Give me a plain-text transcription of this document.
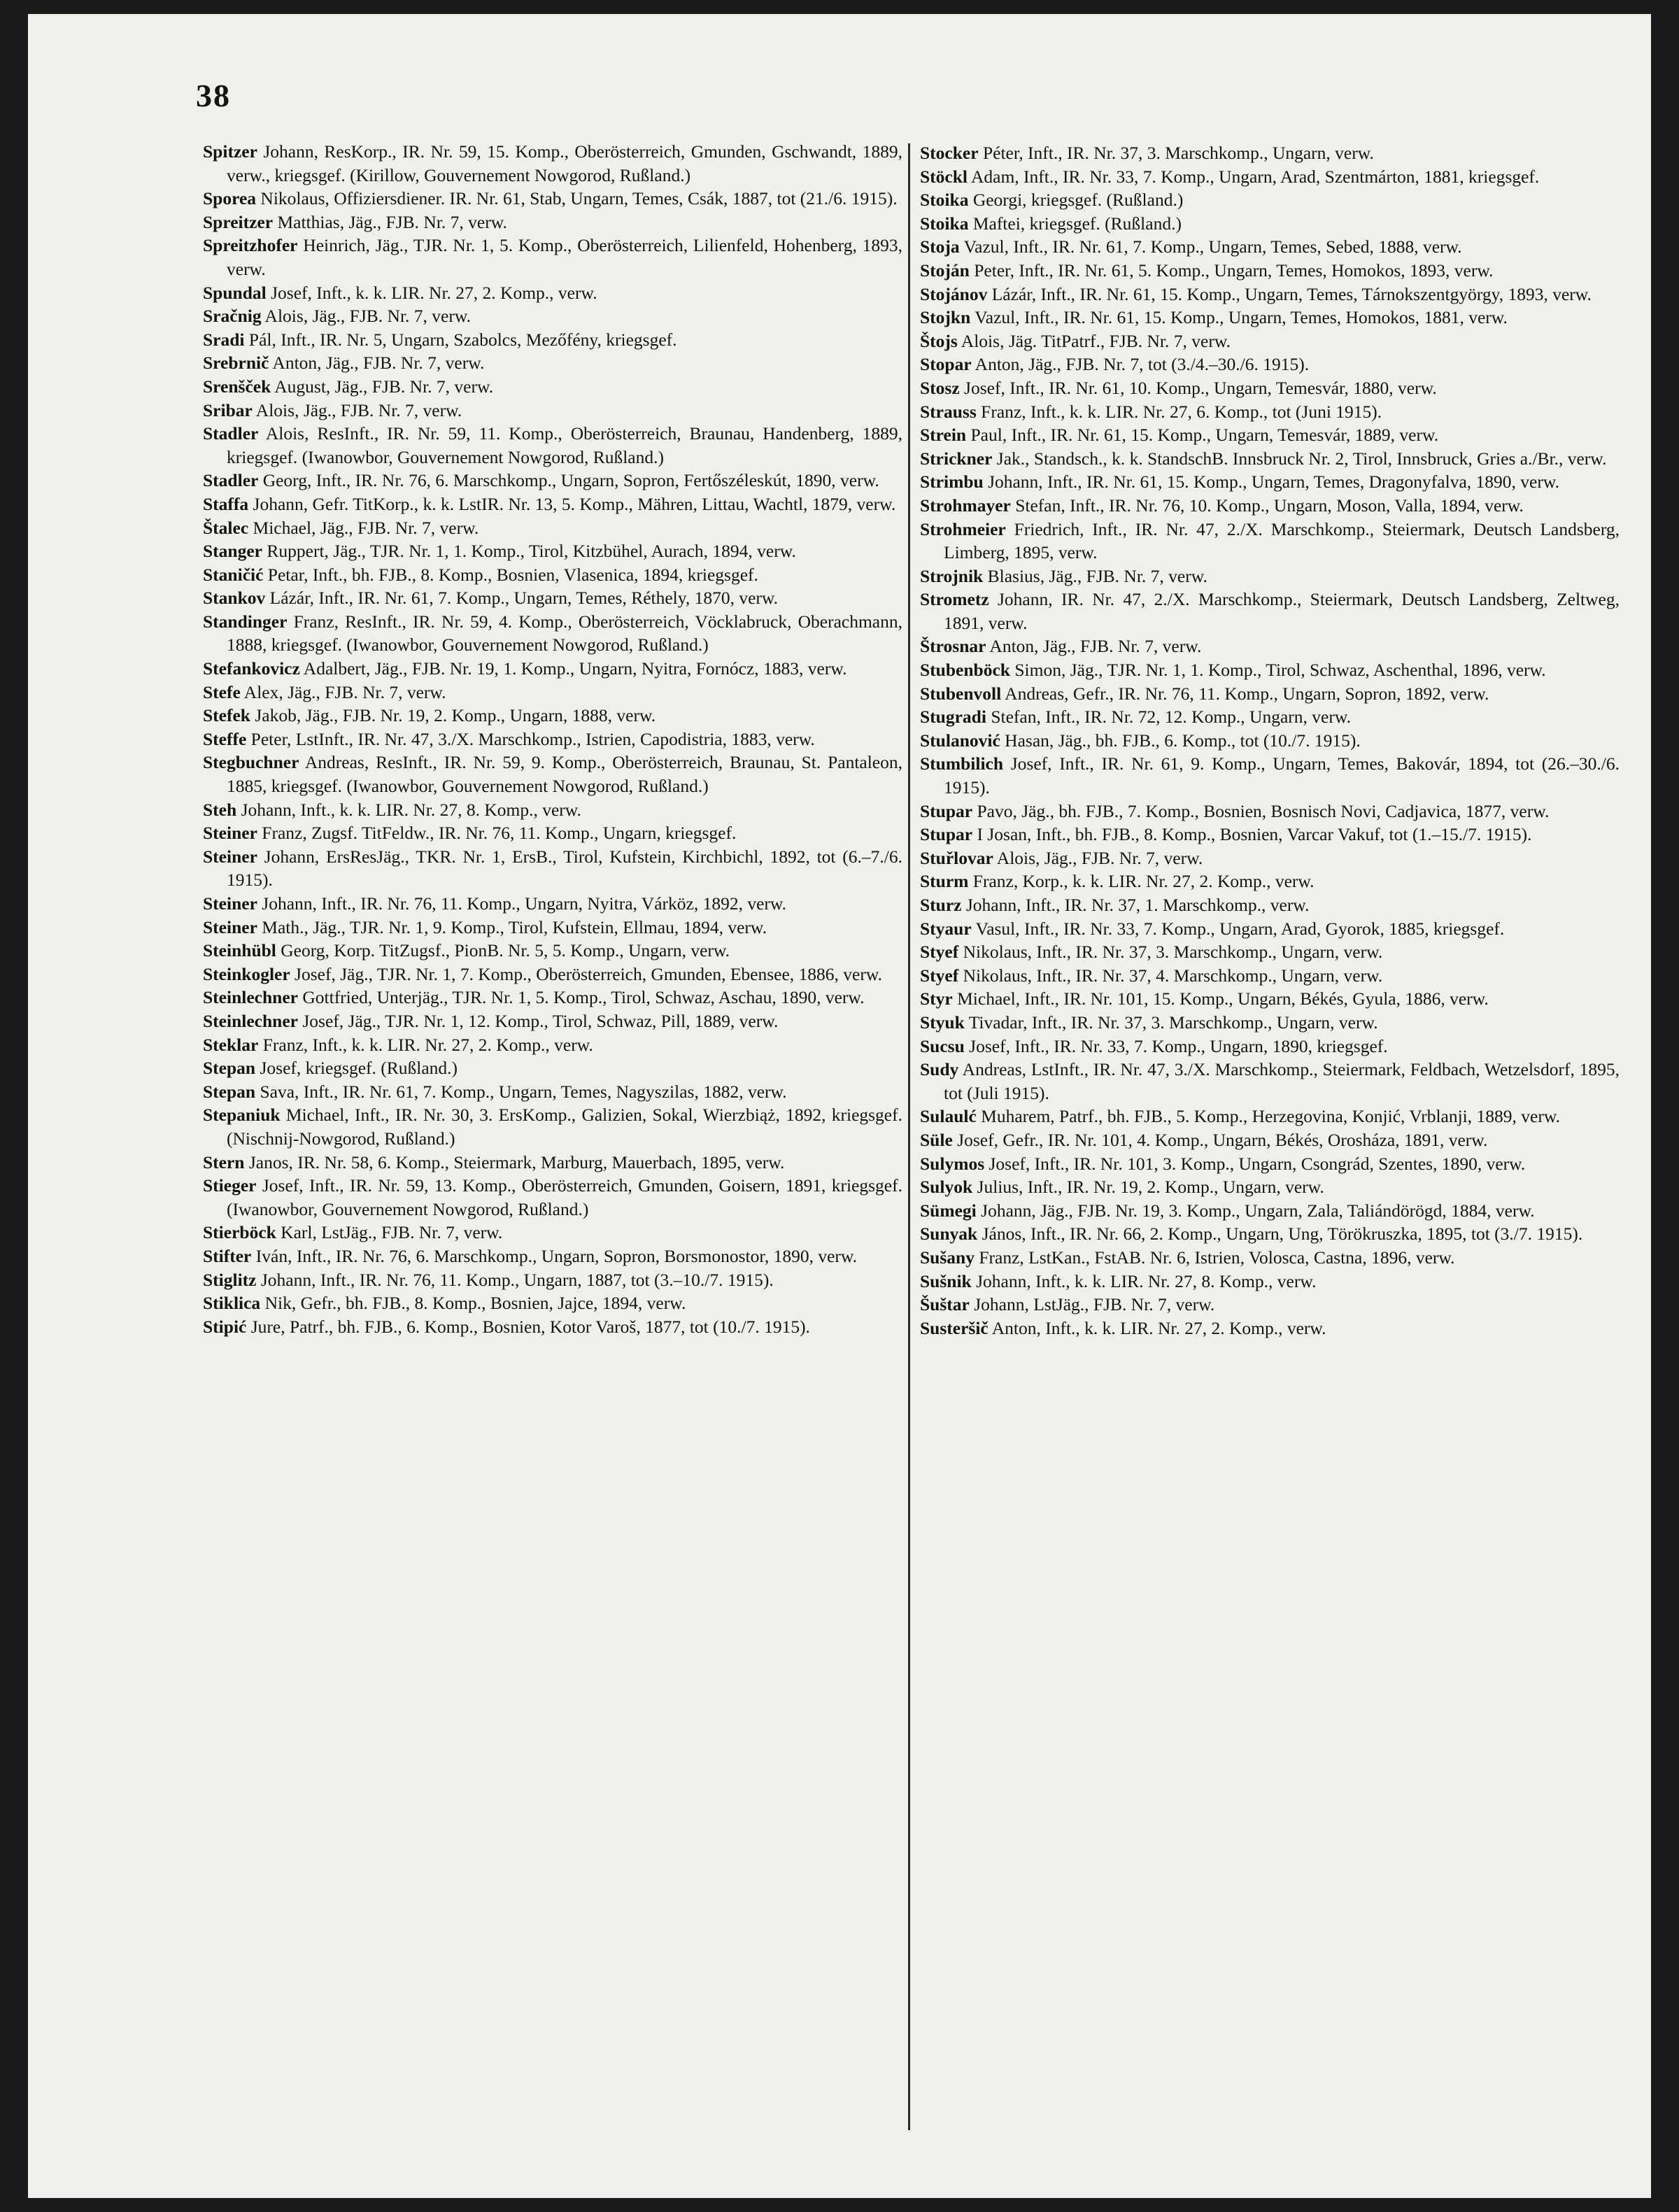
38

Spitzer Johann, ResKorp., IR. Nr. 59, 15. Komp., Oberösterreich, Gmunden, Gschwandt, 1889, verw., kriegsgef. (Kirillow, Gouvernement Nowgorod, Rußland.)

Sporea Nikolaus, Offiziersdiener. IR. Nr. 61, Stab, Ungarn, Temes, Csák, 1887, tot (21./6. 1915).

Spreitzer Matthias, Jäg., FJB. Nr. 7, verw.

Spreitzhofer Heinrich, Jäg., TJR. Nr. 1, 5. Komp., Oberösterreich, Lilienfeld, Hohenberg, 1893, verw.

Spundal Josef, Inft., k. k. LIR. Nr. 27, 2. Komp., verw.

Sračnig Alois, Jäg., FJB. Nr. 7, verw.

Sradi Pál, Inft., IR. Nr. 5, Ungarn, Szabolcs, Mezőfény, kriegsgef.

Srebrnič Anton, Jäg., FJB. Nr. 7, verw.

Srenšček August, Jäg., FJB. Nr. 7, verw.

Sribar Alois, Jäg., FJB. Nr. 7, verw.

Stadler Alois, ResInft., IR. Nr. 59, 11. Komp., Oberösterreich, Braunau, Handenberg, 1889, kriegsgef. (Iwanowbor, Gouvernement Nowgorod, Rußland.)

Stadler Georg, Inft., IR. Nr. 76, 6. Marschkomp., Ungarn, Sopron, Fertőszéleskút, 1890, verw.

Staffa Johann, Gefr. TitKorp., k. k. LstIR. Nr. 13, 5. Komp., Mähren, Littau, Wachtl, 1879, verw.

Štalec Michael, Jäg., FJB. Nr. 7, verw.

Stanger Ruppert, Jäg., TJR. Nr. 1, 1. Komp., Tirol, Kitzbühel, Aurach, 1894, verw.

Staničić Petar, Inft., bh. FJB., 8. Komp., Bosnien, Vlasenica, 1894, kriegsgef.

Stankov Lázár, Inft., IR. Nr. 61, 7. Komp., Ungarn, Temes, Réthely, 1870, verw.

Standinger Franz, ResInft., IR. Nr. 59, 4. Komp., Oberösterreich, Vöcklabruck, Oberachmann, 1888, kriegsgef. (Iwanowbor, Gouvernement Nowgorod, Rußland.)

Stefankovicz Adalbert, Jäg., FJB. Nr. 19, 1. Komp., Ungarn, Nyitra, Fornócz, 1883, verw.

Stefe Alex, Jäg., FJB. Nr. 7, verw.

Stefek Jakob, Jäg., FJB. Nr. 19, 2. Komp., Ungarn, 1888, verw.

Steffe Peter, LstInft., IR. Nr. 47, 3./X. Marschkomp., Istrien, Capodistria, 1883, verw.

Stegbuchner Andreas, ResInft., IR. Nr. 59, 9. Komp., Oberösterreich, Braunau, St. Pantaleon, 1885, kriegsgef. (Iwanowbor, Gouvernement Nowgorod, Rußland.)

Steh Johann, Inft., k. k. LIR. Nr. 27, 8. Komp., verw.

Steiner Franz, Zugsf. TitFeldw., IR. Nr. 76, 11. Komp., Ungarn, kriegsgef.

Steiner Johann, ErsResJäg., TKR. Nr. 1, ErsB., Tirol, Kufstein, Kirchbichl, 1892, tot (6.–7./6. 1915).

Steiner Johann, Inft., IR. Nr. 76, 11. Komp., Ungarn, Nyitra, Várköz, 1892, verw.

Steiner Math., Jäg., TJR. Nr. 1, 9. Komp., Tirol, Kufstein, Ellmau, 1894, verw.

Steinhübl Georg, Korp. TitZugsf., PionB. Nr. 5, 5. Komp., Ungarn, verw.

Steinkogler Josef, Jäg., TJR. Nr. 1, 7. Komp., Oberösterreich, Gmunden, Ebensee, 1886, verw.

Steinlechner Gottfried, Unterjäg., TJR. Nr. 1, 5. Komp., Tirol, Schwaz, Aschau, 1890, verw.

Steinlechner Josef, Jäg., TJR. Nr. 1, 12. Komp., Tirol, Schwaz, Pill, 1889, verw.

Steklar Franz, Inft., k. k. LIR. Nr. 27, 2. Komp., verw.

Stepan Josef, kriegsgef. (Rußland.)

Stepan Sava, Inft., IR. Nr. 61, 7. Komp., Ungarn, Temes, Nagyszilas, 1882, verw.

Stepaniuk Michael, Inft., IR. Nr. 30, 3. ErsKomp., Galizien, Sokal, Wierzbiąż, 1892, kriegsgef. (Nischnij-Nowgorod, Rußland.)

Stern Janos, IR. Nr. 58, 6. Komp., Steiermark, Marburg, Mauerbach, 1895, verw.

Stieger Josef, Inft., IR. Nr. 59, 13. Komp., Oberösterreich, Gmunden, Goisern, 1891, kriegsgef. (Iwanowbor, Gouvernement Nowgorod, Rußland.)

Stierböck Karl, LstJäg., FJB. Nr. 7, verw.

Stifter Iván, Inft., IR. Nr. 76, 6. Marschkomp., Ungarn, Sopron, Borsmonostor, 1890, verw.

Stiglitz Johann, Inft., IR. Nr. 76, 11. Komp., Ungarn, 1887, tot (3.–10./7. 1915).

Stiklica Nik, Gefr., bh. FJB., 8. Komp., Bosnien, Jajce, 1894, verw.

Stipić Jure, Patrf., bh. FJB., 6. Komp., Bosnien, Kotor Varoš, 1877, tot (10./7. 1915).

Stocker Péter, Inft., IR. Nr. 37, 3. Marschkomp., Ungarn, verw.

Stöckl Adam, Inft., IR. Nr. 33, 7. Komp., Ungarn, Arad, Szentmárton, 1881, kriegsgef.

Stoika Georgi, kriegsgef. (Rußland.)

Stoika Maftei, kriegsgef. (Rußland.)

Stoja Vazul, Inft., IR. Nr. 61, 7. Komp., Ungarn, Temes, Sebed, 1888, verw.

Stoján Peter, Inft., IR. Nr. 61, 5. Komp., Ungarn, Temes, Homokos, 1893, verw.

Stojánov Lázár, Inft., IR. Nr. 61, 15. Komp., Ungarn, Temes, Tárnokszentgyörgy, 1893, verw.

Stojkn Vazul, Inft., IR. Nr. 61, 15. Komp., Ungarn, Temes, Homokos, 1881, verw.

Štojs Alois, Jäg. TitPatrf., FJB. Nr. 7, verw.

Stopar Anton, Jäg., FJB. Nr. 7, tot (3./4.–30./6. 1915).

Stosz Josef, Inft., IR. Nr. 61, 10. Komp., Ungarn, Temesvár, 1880, verw.

Strauss Franz, Inft., k. k. LIR. Nr. 27, 6. Komp., tot (Juni 1915).

Strein Paul, Inft., IR. Nr. 61, 15. Komp., Ungarn, Temesvár, 1889, verw.

Strickner Jak., Standsch., k. k. StandschB. Innsbruck Nr. 2, Tirol, Innsbruck, Gries a./Br., verw.

Strimbu Johann, Inft., IR. Nr. 61, 15. Komp., Ungarn, Temes, Dragonyfalva, 1890, verw.

Strohmayer Stefan, Inft., IR. Nr. 76, 10. Komp., Ungarn, Moson, Valla, 1894, verw.

Strohmeier Friedrich, Inft., IR. Nr. 47, 2./X. Marschkomp., Steiermark, Deutsch Landsberg, Limberg, 1895, verw.

Strojnik Blasius, Jäg., FJB. Nr. 7, verw.

Strometz Johann, IR. Nr. 47, 2./X. Marschkomp., Steiermark, Deutsch Landsberg, Zeltweg, 1891, verw.

Štrosnar Anton, Jäg., FJB. Nr. 7, verw.

Stubenböck Simon, Jäg., TJR. Nr. 1, 1. Komp., Tirol, Schwaz, Aschenthal, 1896, verw.

Stubenvoll Andreas, Gefr., IR. Nr. 76, 11. Komp., Ungarn, Sopron, 1892, verw.

Stugradi Stefan, Inft., IR. Nr. 72, 12. Komp., Ungarn, verw.

Stulanović Hasan, Jäg., bh. FJB., 6. Komp., tot (10./7. 1915).

Stumbilich Josef, Inft., IR. Nr. 61, 9. Komp., Ungarn, Temes, Bakovár, 1894, tot (26.–30./6. 1915).

Stupar Pavo, Jäg., bh. FJB., 7. Komp., Bosnien, Bosnisch Novi, Cadjavica, 1877, verw.

Stupar I Josan, Inft., bh. FJB., 8. Komp., Bosnien, Varcar Vakuf, tot (1.–15./7. 1915).

Stuřlovar Alois, Jäg., FJB. Nr. 7, verw.

Sturm Franz, Korp., k. k. LIR. Nr. 27, 2. Komp., verw.

Sturz Johann, Inft., IR. Nr. 37, 1. Marschkomp., verw.

Styaur Vasul, Inft., IR. Nr. 33, 7. Komp., Ungarn, Arad, Gyorok, 1885, kriegsgef.

Styef Nikolaus, Inft., IR. Nr. 37, 3. Marschkomp., Ungarn, verw.

Styef Nikolaus, Inft., IR. Nr. 37, 4. Marschkomp., Ungarn, verw.

Styr Michael, Inft., IR. Nr. 101, 15. Komp., Ungarn, Békés, Gyula, 1886, verw.

Styuk Tivadar, Inft., IR. Nr. 37, 3. Marschkomp., Ungarn, verw.

Sucsu Josef, Inft., IR. Nr. 33, 7. Komp., Ungarn, 1890, kriegsgef.

Sudy Andreas, LstInft., IR. Nr. 47, 3./X. Marschkomp., Steiermark, Feldbach, Wetzelsdorf, 1895, tot (Juli 1915).

Sulaulć Muharem, Patrf., bh. FJB., 5. Komp., Herzegovina, Konjić, Vrblanji, 1889, verw.

Süle Josef, Gefr., IR. Nr. 101, 4. Komp., Ungarn, Békés, Orosháza, 1891, verw.

Sulymos Josef, Inft., IR. Nr. 101, 3. Komp., Ungarn, Csongrád, Szentes, 1890, verw.

Sulyok Julius, Inft., IR. Nr. 19, 2. Komp., Ungarn, verw.

Sümegi Johann, Jäg., FJB. Nr. 19, 3. Komp., Ungarn, Zala, Taliándörögd, 1884, verw.

Sunyak János, Inft., IR. Nr. 66, 2. Komp., Ungarn, Ung, Törökruszka, 1895, tot (3./7. 1915).

Sušany Franz, LstKan., FstAB. Nr. 6, Istrien, Volosca, Castna, 1896, verw.

Sušnik Johann, Inft., k. k. LIR. Nr. 27, 8. Komp., verw.

Šuštar Johann, LstJäg., FJB. Nr. 7, verw.

Susteršič Anton, Inft., k. k. LIR. Nr. 27, 2. Komp., verw.
